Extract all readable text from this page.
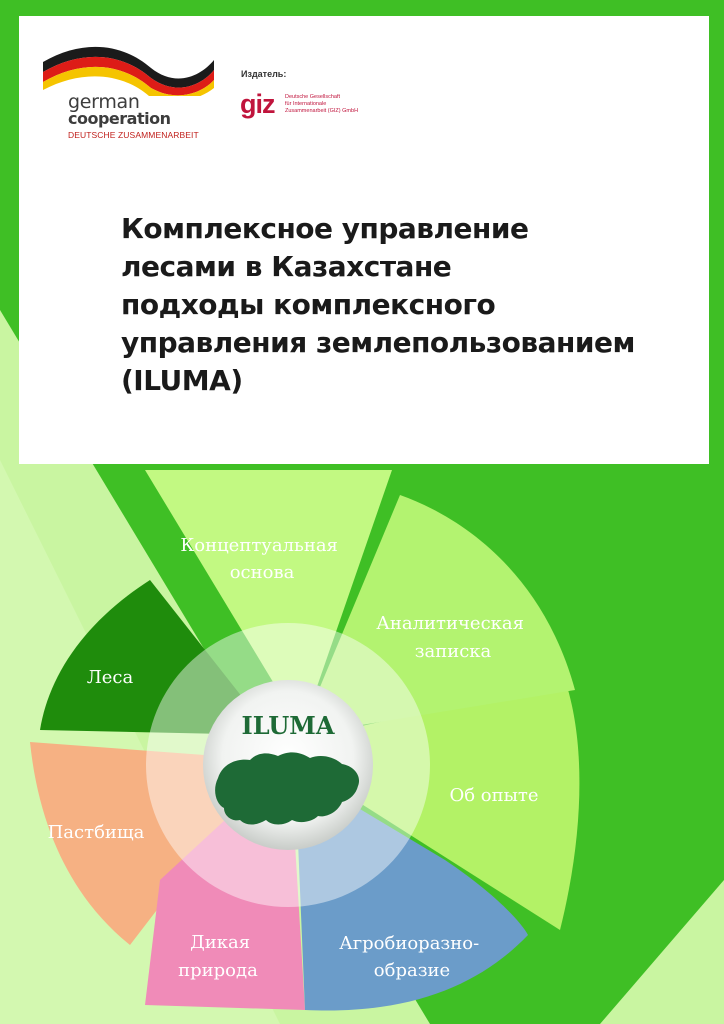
german
cooperation
DEUTSCHE ZUSAMMENARBEIT
Издатель:
giz Deutsche Gesellschaft
für Internationale
Zusammenarbeit (GIZ) GmbH
Комплексное управление
лесами в Казахстане
подходы комплексного
управления землепользованием
(ILUMA)
ILUMA
Концептуальная основа
Аналитическая записка
Об опыте
Агробиоразно- образие
Дикая природа
Пастбища
Леса
